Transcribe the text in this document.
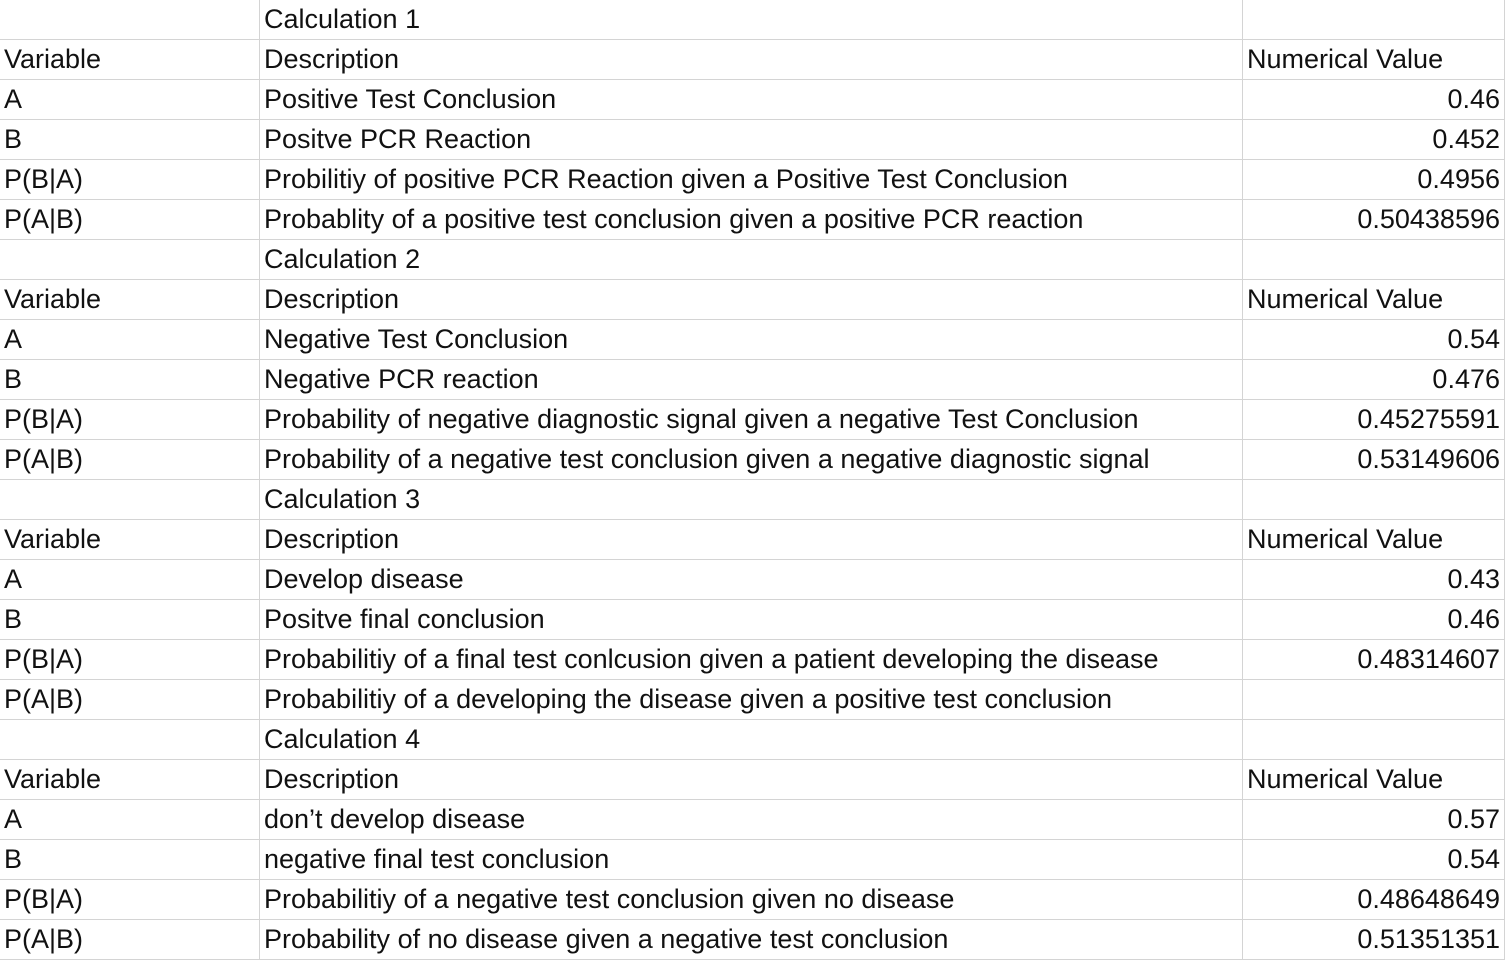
	Calculation 1	
Variable	Description	Numerical Value
A	Positive Test Conclusion	0.46
B	Positve PCR Reaction	0.452
P(B|A)	Probilitiy of positive PCR Reaction given a Positive Test Conclusion	0.4956
P(A|B)	Probablity of a positive test conclusion given a positive PCR reaction	0.50438596
	Calculation 2	
Variable	Description	Numerical Value
A	Negative Test Conclusion	0.54
B	Negative PCR reaction	0.476
P(B|A)	Probability of negative diagnostic signal given a negative Test Conclusion	0.45275591
P(A|B)	Probability of a negative test conclusion given a negative diagnostic signal	0.53149606
	Calculation 3	
Variable	Description	Numerical Value
A	Develop disease	0.43
B	Positve final conclusion	0.46
P(B|A)	Probabilitiy of a final test conlcusion given a patient developing the disease	0.48314607
P(A|B)	Probabilitiy of a developing the disease given a positive test conclusion	
	Calculation 4	
Variable	Description	Numerical Value
A	don’t develop disease	0.57
B	negative final test conclusion	0.54
P(B|A)	Probabilitiy of a negative test conclusion given no disease	0.48648649
P(A|B)	Probability of no disease given a negative test conclusion	0.51351351
